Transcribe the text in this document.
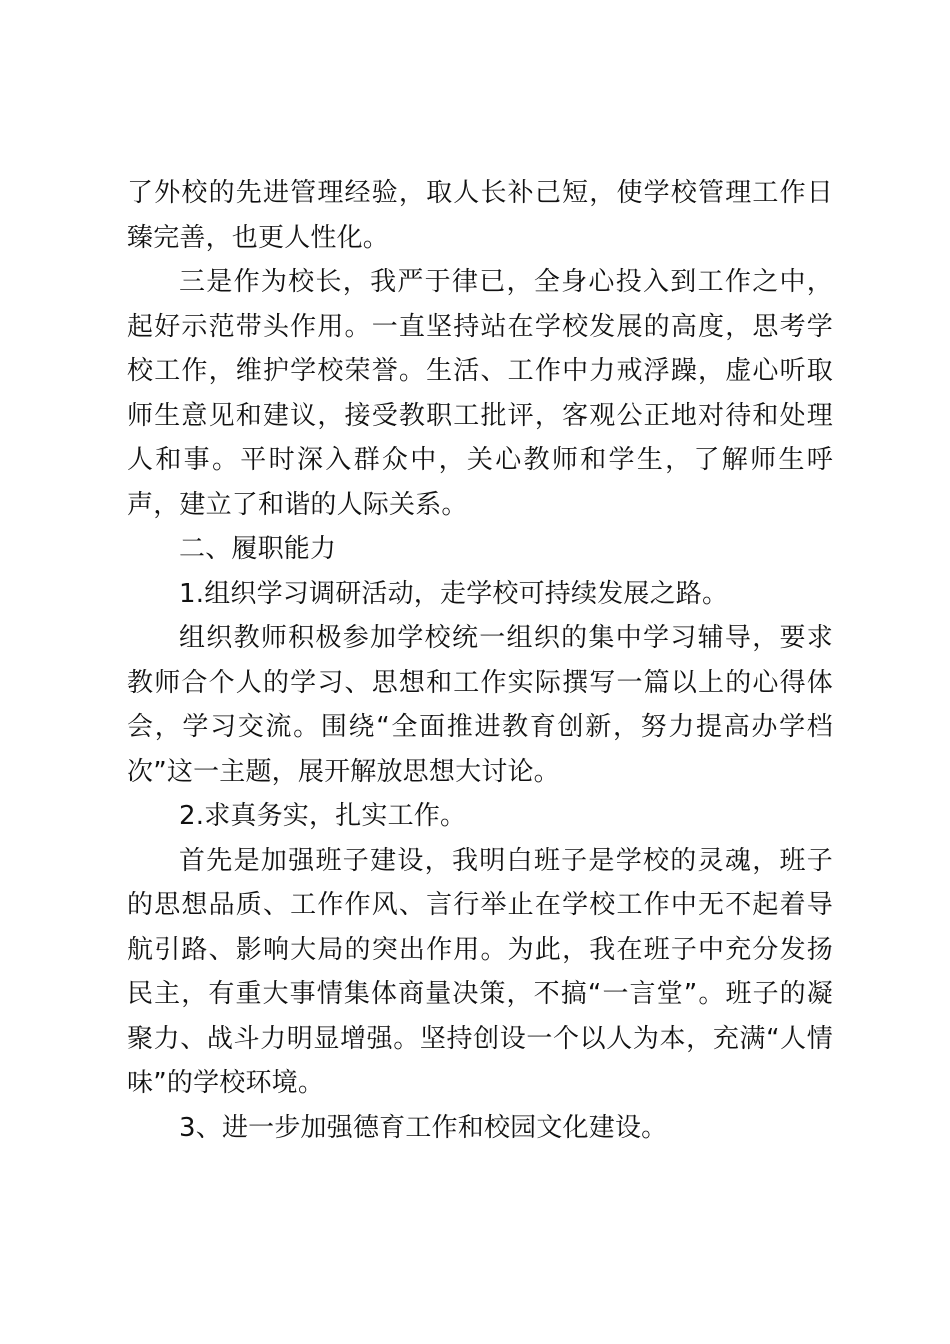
了外校的先进管理经验，取人长补己短，使学校管理工作日臻完善，也更人性化。

三是作为校长，我严于律已，全身心投入到工作之中，起好示范带头作用。一直坚持站在学校发展的高度，思考学校工作，维护学校荣誉。生活、工作中力戒浮躁，虚心听取师生意见和建议，接受教职工批评，客观公正地对待和处理人和事。平时深入群众中，关心教师和学生，了解师生呼声，建立了和谐的人际关系。

二、履职能力

1.组织学习调研活动，走学校可持续发展之路。

组织教师积极参加学校统一组织的集中学习辅导，要求教师合个人的学习、思想和工作实际撰写一篇以上的心得体会，学习交流。围绕“全面推进教育创新，努力提高办学档次”这一主题，展开解放思想大讨论。

2.求真务实，扎实工作。

首先是加强班子建设，我明白班子是学校的灵魂，班子的思想品质、工作作风、言行举止在学校工作中无不起着导航引路、影响大局的突出作用。为此，我在班子中充分发扬民主，有重大事情集体商量决策，不搞“一言堂”。班子的凝聚力、战斗力明显增强。坚持创设一个以人为本，充满“人情味”的学校环境。

3、进一步加强德育工作和校园文化建设。
